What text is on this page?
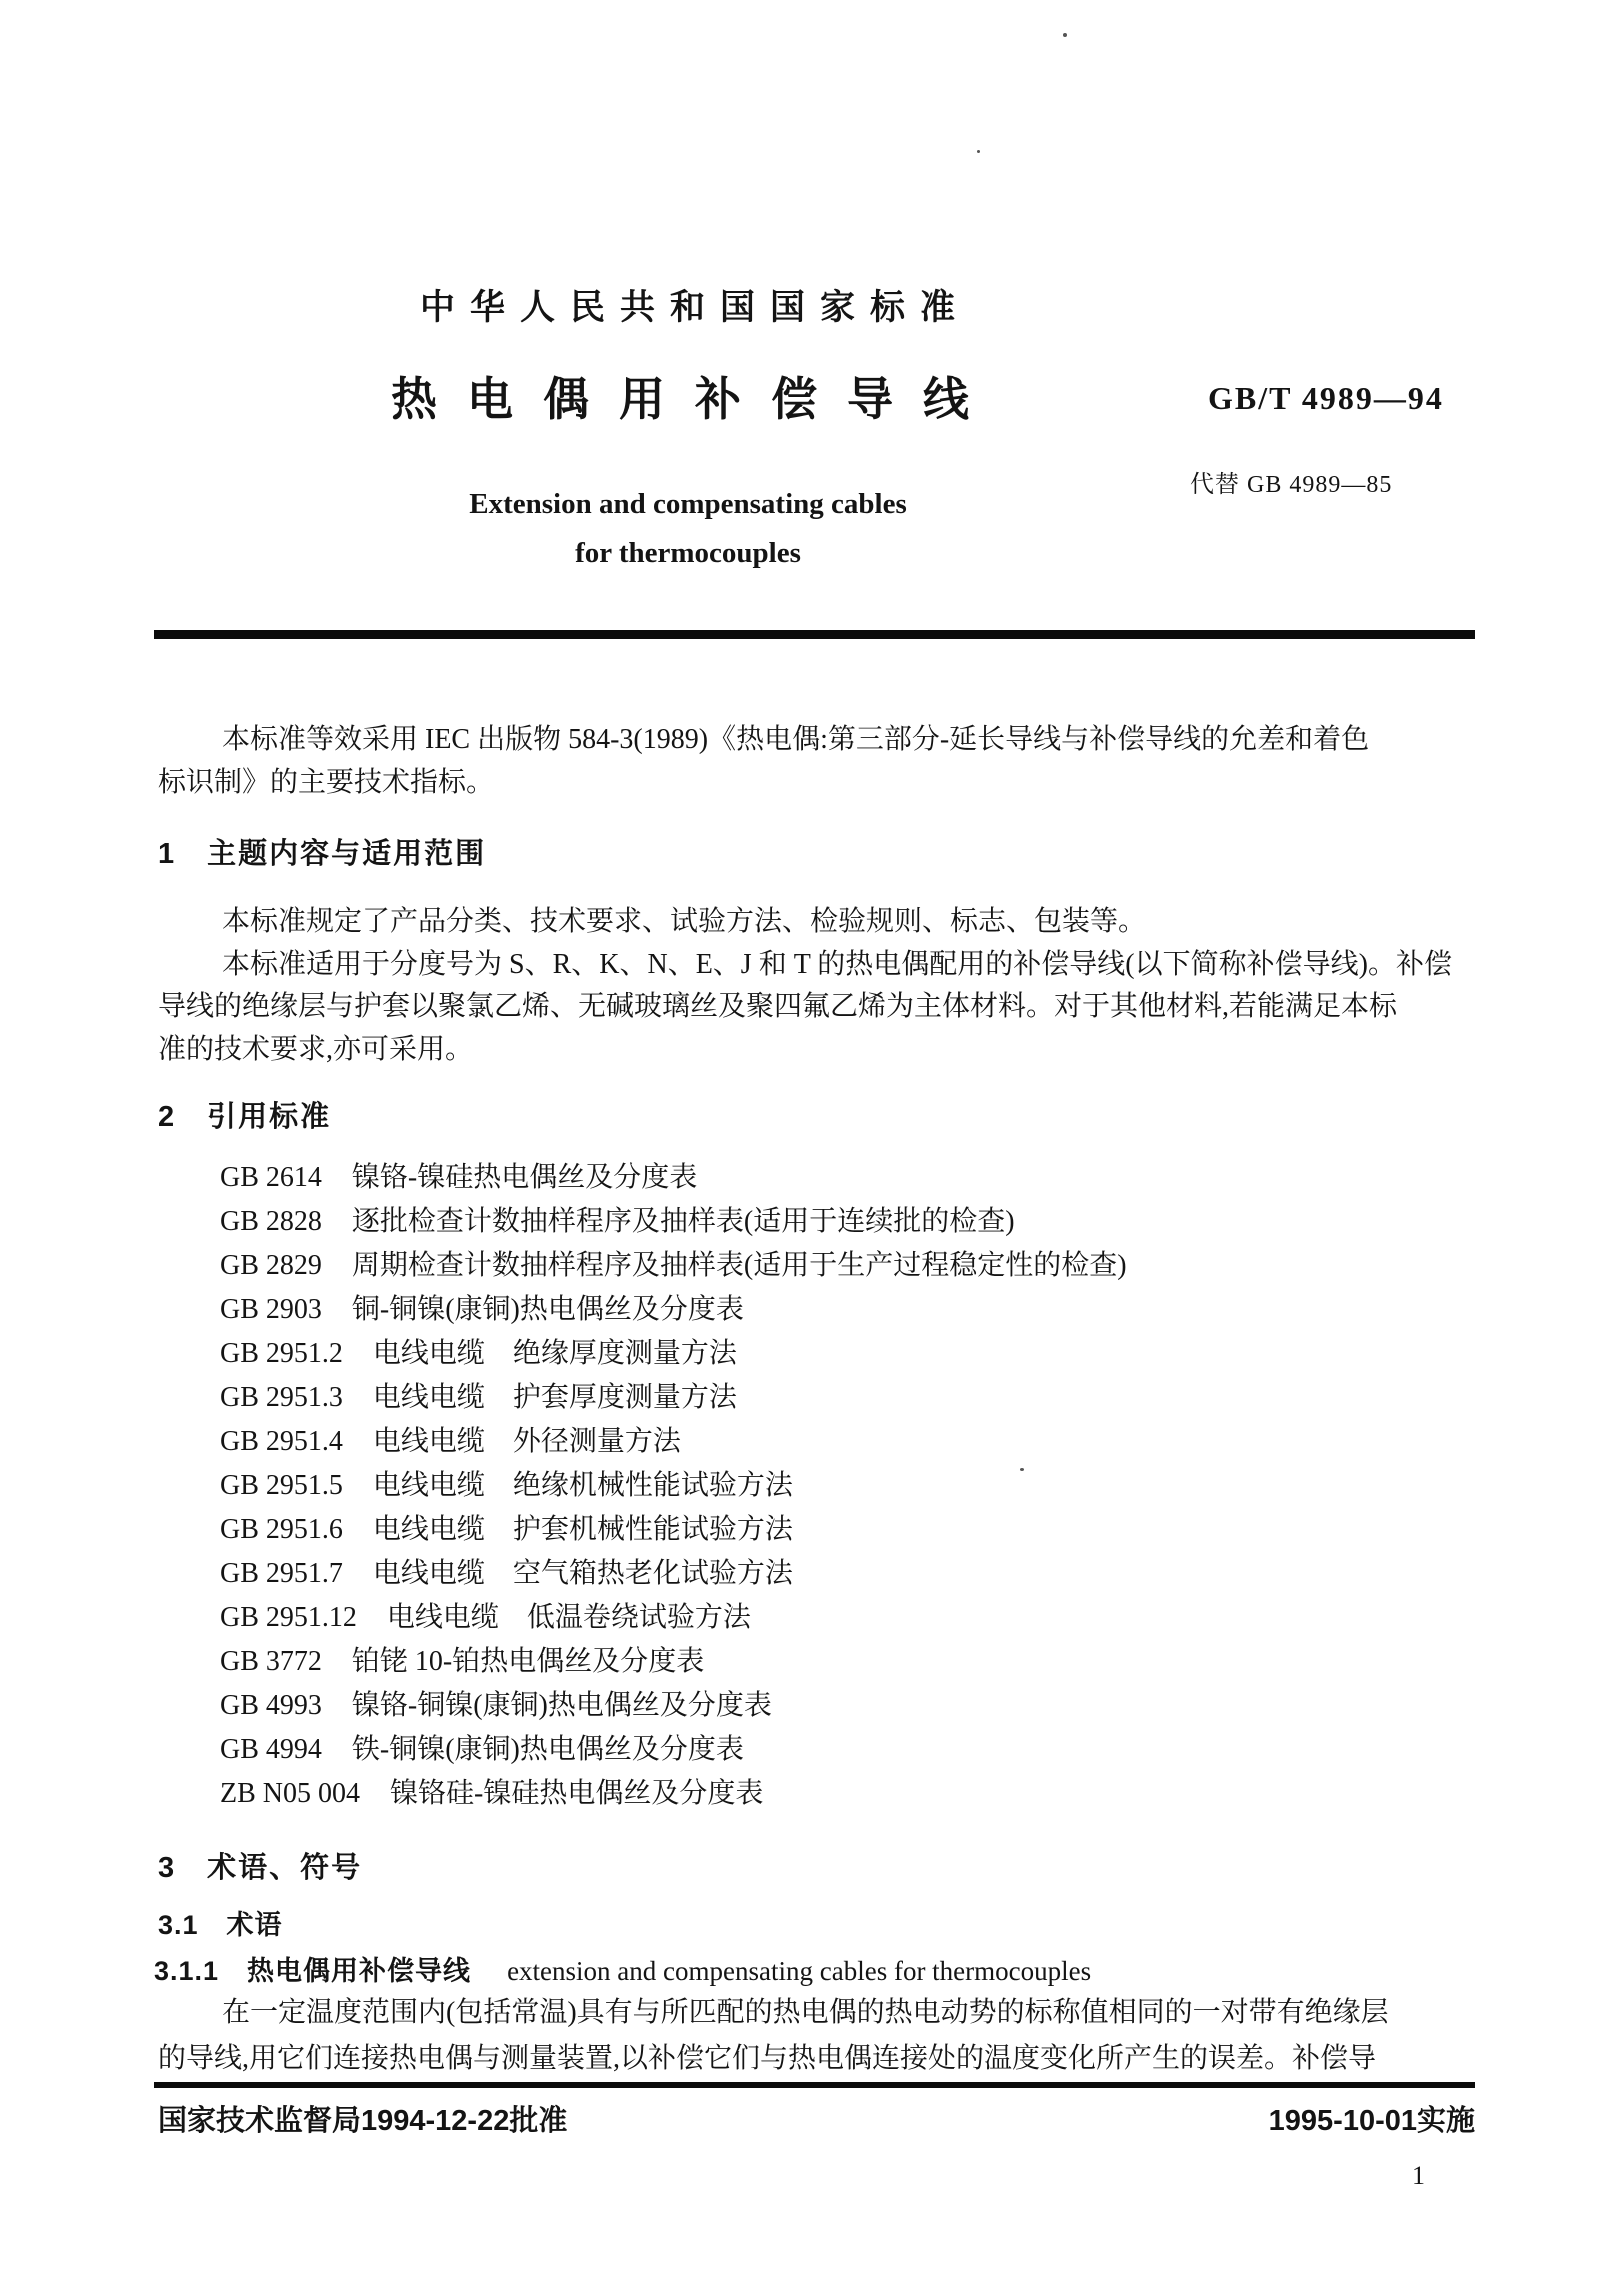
中华人民共和国国家标准
热电偶用补偿导线	GB/T 4989—94
Extension and compensating cables
for thermocouples
代替 GB 4989—85
本标准等效采用 IEC 出版物 584-3(1989)《热电偶:第三部分-延长导线与补偿导线的允差和着色
标识制》的主要技术指标。
1　主题内容与适用范围
本标准规定了产品分类、技术要求、试验方法、检验规则、标志、包装等。
本标准适用于分度号为 S、R、K、N、E、J 和 T 的热电偶配用的补偿导线(以下简称补偿导线)。补偿
导线的绝缘层与护套以聚氯乙烯、无碱玻璃丝及聚四氟乙烯为主体材料。对于其他材料,若能满足本标
准的技术要求,亦可采用。
2　引用标准
GB 2614 镍铬-镍硅热电偶丝及分度表
GB 2828 逐批检查计数抽样程序及抽样表(适用于连续批的检查)
GB 2829 周期检查计数抽样程序及抽样表(适用于生产过程稳定性的检查)
GB 2903 铜-铜镍(康铜)热电偶丝及分度表
GB 2951.2 电线电缆　绝缘厚度测量方法
GB 2951.3 电线电缆　护套厚度测量方法
GB 2951.4 电线电缆　外径测量方法
GB 2951.5 电线电缆　绝缘机械性能试验方法
GB 2951.6 电线电缆　护套机械性能试验方法
GB 2951.7 电线电缆　空气箱热老化试验方法
GB 2951.12 电线电缆　低温卷绕试验方法
GB 3772 铂铑 10-铂热电偶丝及分度表
GB 4993 镍铬-铜镍(康铜)热电偶丝及分度表
GB 4994 铁-铜镍(康铜)热电偶丝及分度表
ZB N05 004 镍铬硅-镍硅热电偶丝及分度表
3　术语、符号
3.1　术语
3.1.1　热电偶用补偿导线 extension and compensating cables for thermocouples
在一定温度范围内(包括常温)具有与所匹配的热电偶的热电动势的标称值相同的一对带有绝缘层
的导线,用它们连接热电偶与测量装置,以补偿它们与热电偶连接处的温度变化所产生的误差。补偿导
国家技术监督局1994-12-22批准	1995-10-01实施
1
